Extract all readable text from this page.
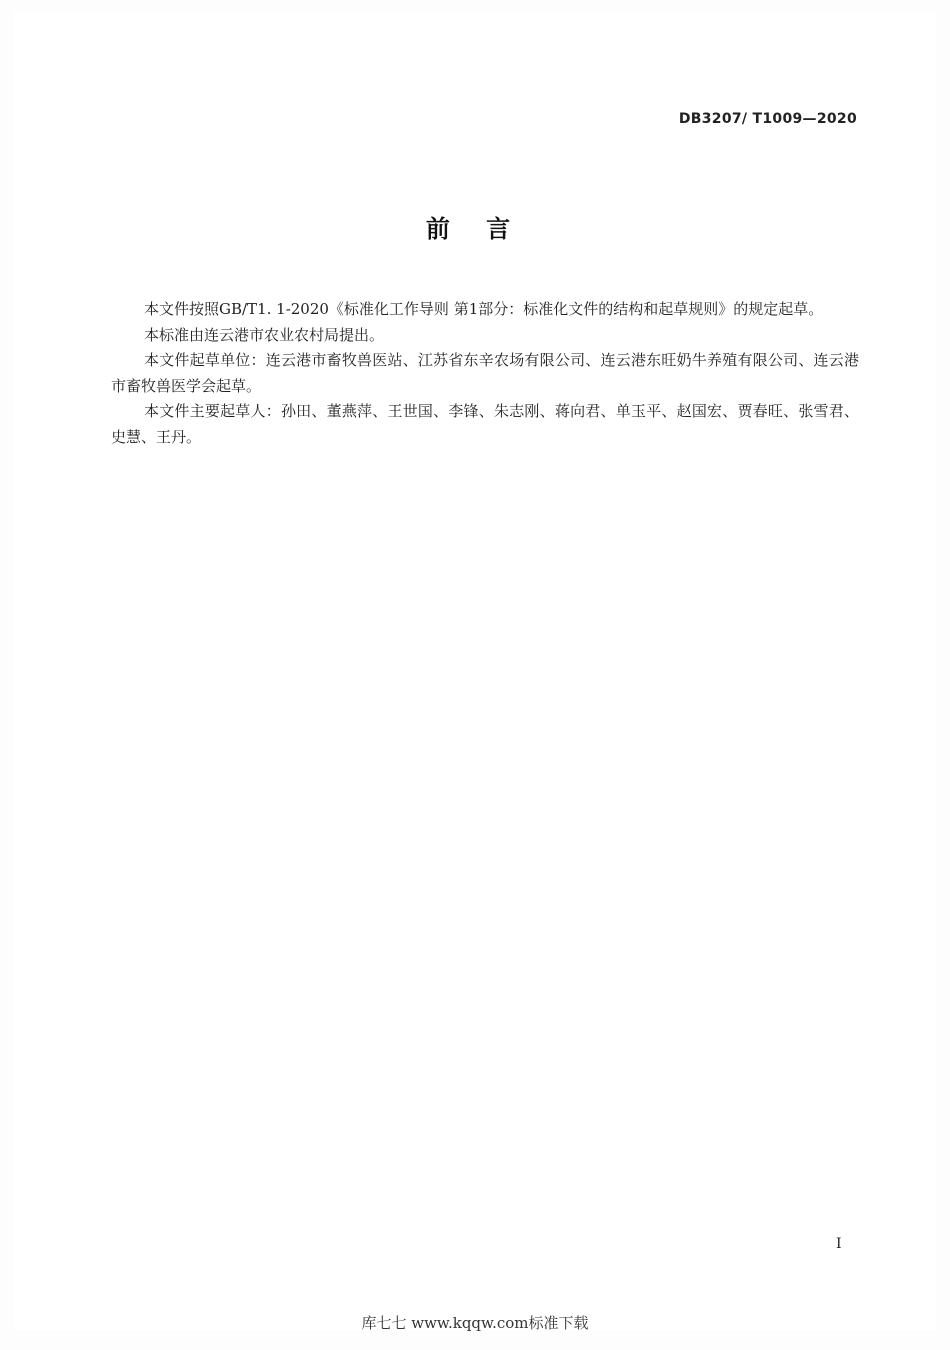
DB3207/ T1009—2020
前 言

本文件按照GB/T1. 1-2020《标准化工作导则 第1部分：标准化文件的结构和起草规则》的规定起草。

本标准由连云港市农业农村局提出。

本文件起草单位：连云港市畜牧兽医站、江苏省东辛农场有限公司、连云港东旺奶牛养殖有限公司、连云港市畜牧兽医学会起草。

本文件主要起草人：孙田、董燕萍、王世国、李锋、朱志刚、蒋向君、单玉平、赵国宏、贾春旺、张雪君、史慧、王丹。

I
库七七 www.kqqw.com标准下载
